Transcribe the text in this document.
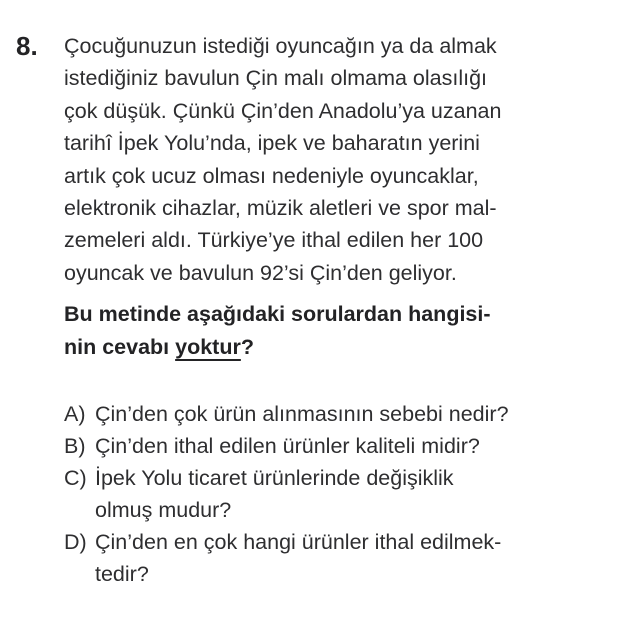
8. Çocuğunuzun istediği oyuncağın ya da almak
istediğiniz bavulun Çin malı olmama olasılığı
çok düşük. Çünkü Çin’den Anadolu’ya uzanan
tarihî İpek Yolu’nda, ipek ve baharatın yerini
artık çok ucuz olması nedeniyle oyuncaklar,
elektronik cihazlar, müzik aletleri ve spor mal-
zemeleri aldı. Türkiye’ye ithal edilen her 100
oyuncak ve bavulun 92’si Çin’den geliyor.
Bu metinde aşağıdaki sorulardan hangisi-
nin cevabı yoktur?
A) Çin’den çok ürün alınmasının sebebi nedir?
B) Çin’den ithal edilen ürünler kaliteli midir?
C) İpek Yolu ticaret ürünlerinde değişiklik
olmuş mudur?
D) Çin’den en çok hangi ürünler ithal edilmek-
tedir?
